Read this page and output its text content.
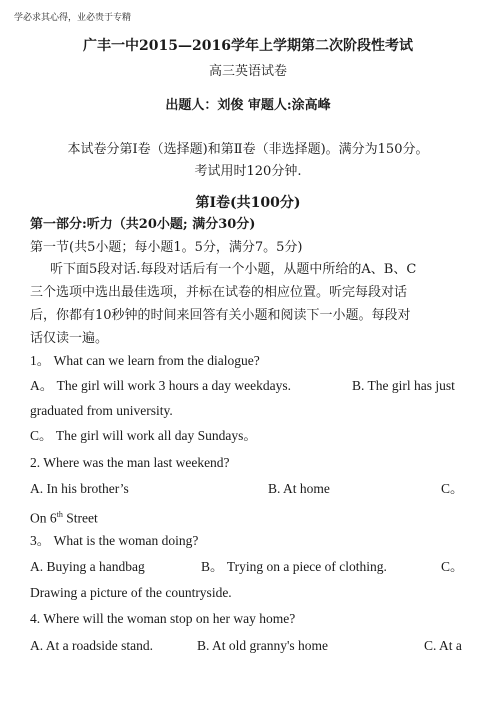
学必求其心得，业必贵于专精
广丰一中2015—2016学年上学期第二次阶段性考试
高三英语试卷
出题人：刘俊 审题人:涂高峰
本试卷分第Ⅰ卷（选择题)和第Ⅱ卷（非选择题)。满分为150分。
考试用时120分钟.
第Ⅰ卷(共100分)
第一部分:听力（共20小题; 满分30分)
第一节(共5小题；每小题1。5分，满分7。5分)
听下面5段对话.每段对话后有一个小题，从题中所给的A、B、C
三个选项中选出最佳选项，并标在试卷的相应位置。听完每段对话
后，你都有10秒钟的时间来回答有关小题和阅读下一小题。每段对
话仅读一遍。
1。 What can we learn from the dialogue?
A。 The girl will work 3 hours a day weekdays.	B. The girl has just
graduated from university.
C。 The girl will work all day Sundays。
2. Where was the man last weekend?
A. In his brother’s	B. At home	C。
On 6th Street
3。 What is the woman doing?
A. Buying a handbag	B。 Trying on a piece of clothing.	C。
Drawing a picture of the countryside.
4. Where will the woman stop on her way home?
A. At a roadside stand.	B. At old granny's home	C. At a
